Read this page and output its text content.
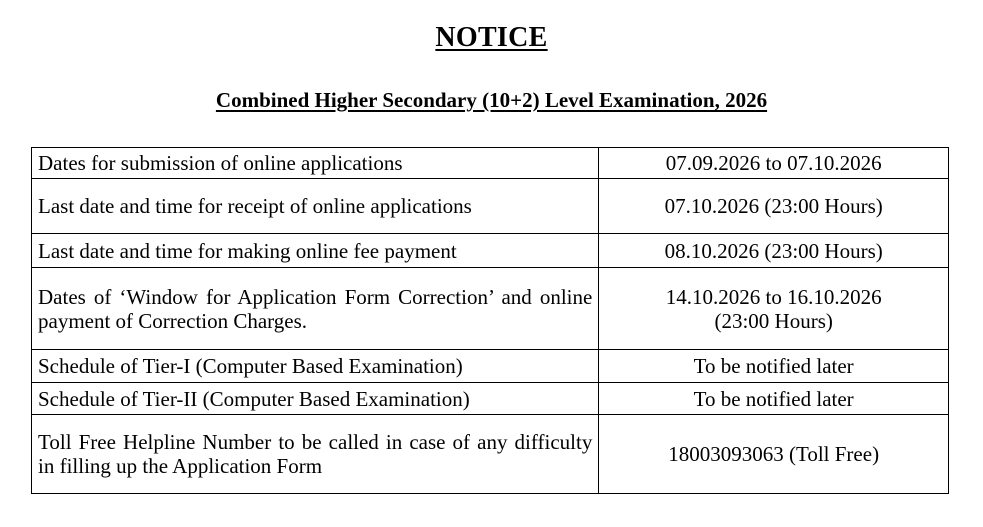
NOTICE
Combined Higher Secondary (10+2) Level Examination, 2026
Dates for submission of online applications	07.09.2026 to 07.10.2026
Last date and time for receipt of online applications	07.10.2026 (23:00 Hours)
Last date and time for making online fee payment	08.10.2026 (23:00 Hours)
Dates of ‘Window for Application Form Correction’ and online payment of Correction Charges.	14.10.2026 to 16.10.2026
(23:00 Hours)

Schedule of Tier-I (Computer Based Examination)	To be notified later
Schedule of Tier-II (Computer Based Examination)	To be notified later
Toll Free Helpline Number to be called in case of any difficulty in filling up the Application Form	18003093063 (Toll Free)
